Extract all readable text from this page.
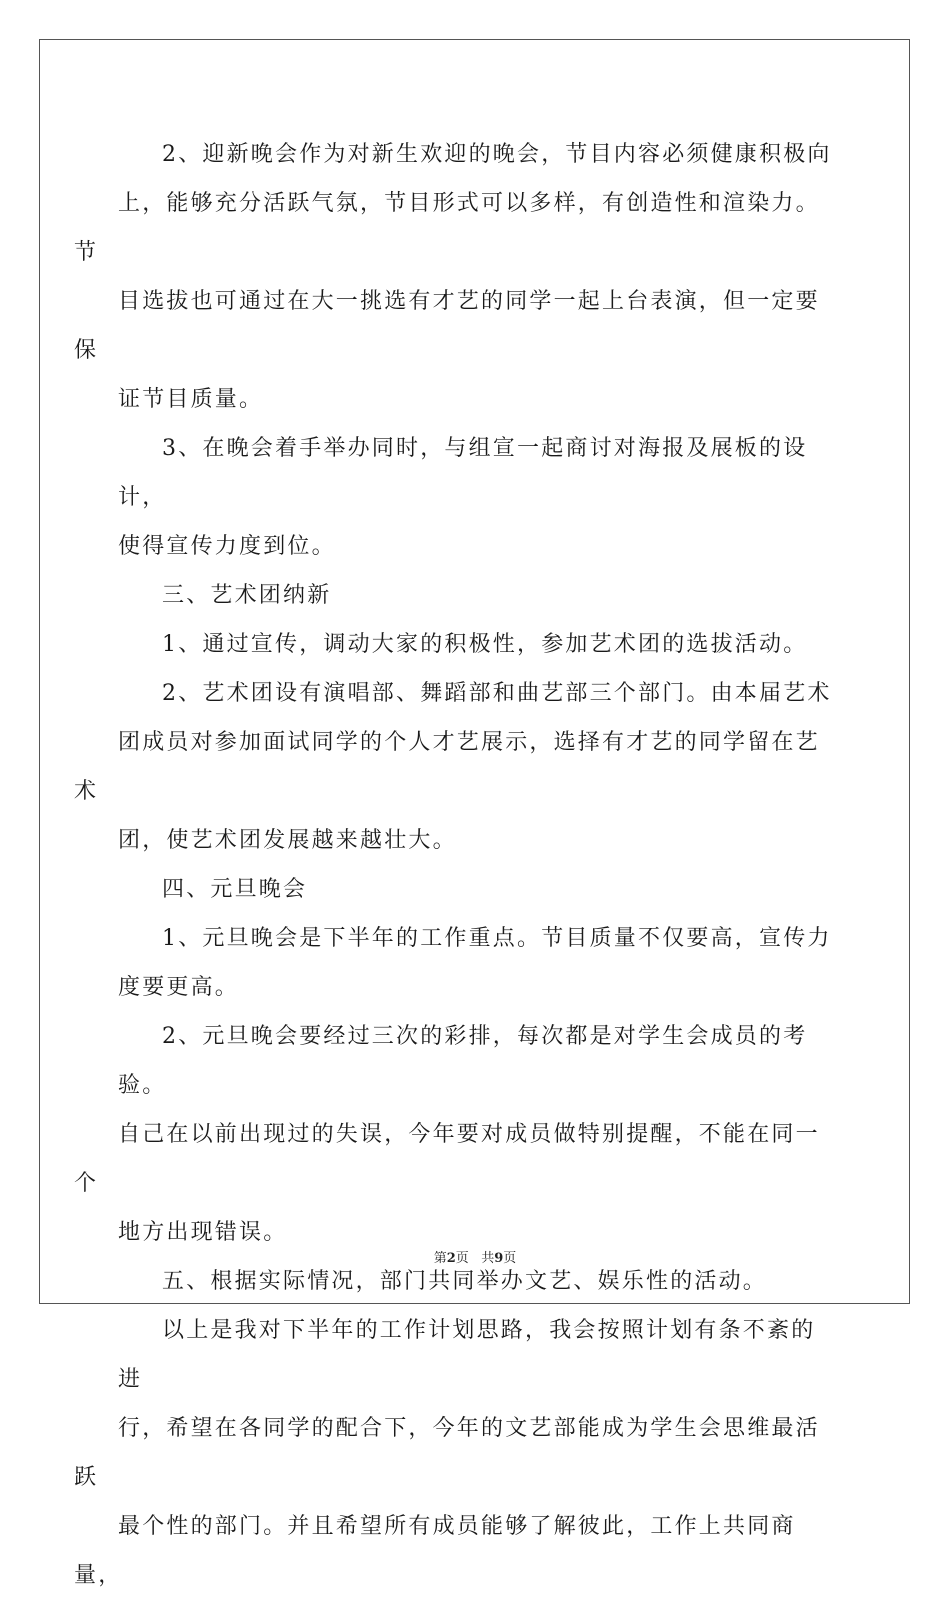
2、迎新晚会作为对新生欢迎的晚会，节目内容必须健康积极向
上，能够充分活跃气氛，节目形式可以多样，有创造性和渲染力。节
目选拔也可通过在大一挑选有才艺的同学一起上台表演，但一定要保
证节目质量。

3、在晚会着手举办同时，与组宣一起商讨对海报及展板的设计，
使得宣传力度到位。

三、艺术团纳新

1、通过宣传，调动大家的积极性，参加艺术团的选拔活动。

2、艺术团设有演唱部、舞蹈部和曲艺部三个部门。由本届艺术
团成员对参加面试同学的个人才艺展示，选择有才艺的同学留在艺术
团，使艺术团发展越来越壮大。

四、元旦晚会

1、元旦晚会是下半年的工作重点。节目质量不仅要高，宣传力
度要更高。

2、元旦晚会要经过三次的彩排，每次都是对学生会成员的考验。
自己在以前出现过的失误，今年要对成员做特别提醒，不能在同一个
地方出现错误。

五、根据实际情况，部门共同举办文艺、娱乐性的活动。

以上是我对下半年的工作计划思路，我会按照计划有条不紊的进
行，希望在各同学的配合下，今年的文艺部能成为学生会思维最活跃
最个性的部门。并且希望所有成员能够了解彼此，工作上共同商量，

第2页 共9页
